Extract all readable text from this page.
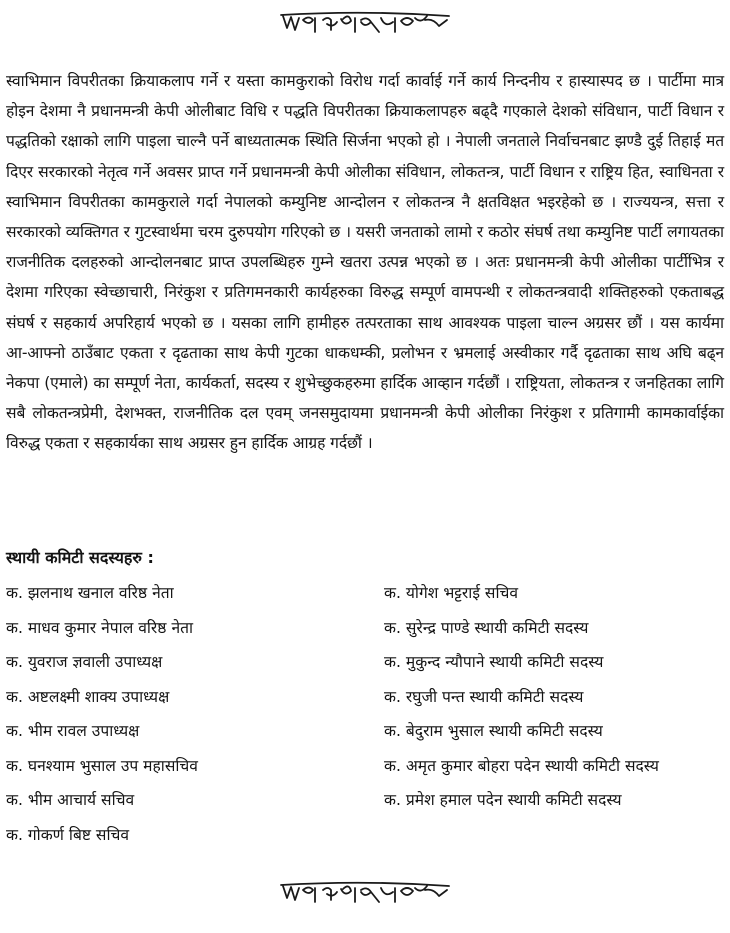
स्वाभिमान विपरीतका क्रियाकलाप गर्ने र यस्ता कामकुराको विरोध गर्दा कार्वाई गर्ने कार्य निन्दनीय र हास्यास्पद छ । पार्टीमा मात्र होइन देशमा नै प्रधानमन्त्री केपी ओलीबाट विधि र पद्धति विपरीतका क्रियाकलापहरु बढ्दै गएकाले देशको संविधान, पार्टी विधान र पद्धतिको रक्षाको लागि पाइला चाल्नै पर्ने बाध्यतात्मक स्थिति सिर्जना भएको हो । नेपाली जनताले निर्वाचनबाट झण्डै दुई तिहाई मत दिएर सरकारको नेतृत्व गर्ने अवसर प्राप्त गर्ने प्रधानमन्त्री केपी ओलीका संविधान, लोकतन्त्र, पार्टी विधान र राष्ट्रिय हित, स्वाधिनता र स्वाभिमान विपरीतका कामकुराले गर्दा नेपालको कम्युनिष्ट आन्दोलन र लोकतन्त्र नै क्षतविक्षत भइरहेको छ । राज्ययन्त्र, सत्ता र सरकारको व्यक्तिगत र गुटस्वार्थमा चरम दुरुपयोग गरिएको छ । यसरी जनताको लामो र कठोर संघर्ष तथा कम्युनिष्ट पार्टी लगायतका राजनीतिक दलहरुको आन्दोलनबाट प्राप्त उपलब्धिहरु गुम्ने खतरा उत्पन्न भएको छ । अतः प्रधानमन्त्री केपी ओलीका पार्टीभित्र र देशमा गरिएका स्वेच्छाचारी, निरंकुश र प्रतिगमनकारी कार्यहरुका विरुद्ध सम्पूर्ण वामपन्थी र लोकतन्त्रवादी शक्तिहरुको एकताबद्ध संघर्ष र सहकार्य अपरिहार्य भएको छ । यसका लागि हामीहरु तत्परताका साथ आवश्यक पाइला चाल्न अग्रसर छौं । यस कार्यमा आ-आफ्नो ठाउँबाट एकता र दृढताका साथ केपी गुटका धाकधम्की, प्रलोभन र भ्रमलाई अस्वीकार गर्दै दृढताका साथ अघि बढ्न नेकपा (एमाले) का सम्पूर्ण नेता, कार्यकर्ता, सदस्य र शुभेच्छुकहरुमा हार्दिक आव्हान गर्दछौं । राष्ट्रियता, लोकतन्त्र र जनहितका लागि सबै लोकतन्त्रप्रेमी, देशभक्त, राजनीतिक दल एवम् जनसमुदायमा प्रधानमन्त्री केपी ओलीका निरंकुश र प्रतिगामी कामकार्वाईका विरुद्ध एकता र सहकार्यका साथ अग्रसर हुन हार्दिक आग्रह गर्दछौं ।

स्थायी कमिटी सदस्यहरु :
क. झलनाथ खनाल वरिष्ठ नेता
क. माधव कुमार नेपाल वरिष्ठ नेता
क. युवराज ज्ञवाली उपाध्यक्ष
क. अष्टलक्ष्मी शाक्य उपाध्यक्ष
क. भीम रावल उपाध्यक्ष
क. घनश्याम भुसाल उप महासचिव
क. भीम आचार्य सचिव
क. गोकर्ण बिष्ट सचिव
क. योगेश भट्टराई सचिव
क. सुरेन्द्र पाण्डे स्थायी कमिटी सदस्य
क. मुकुन्द न्यौपाने स्थायी कमिटी सदस्य
क. रघुजी पन्त स्थायी कमिटी सदस्य
क. बेदुराम भुसाल स्थायी कमिटी सदस्य
क. अमृत कुमार बोहरा पदेन स्थायी कमिटी सदस्य
क. प्रमेश हमाल पदेन स्थायी कमिटी सदस्य
